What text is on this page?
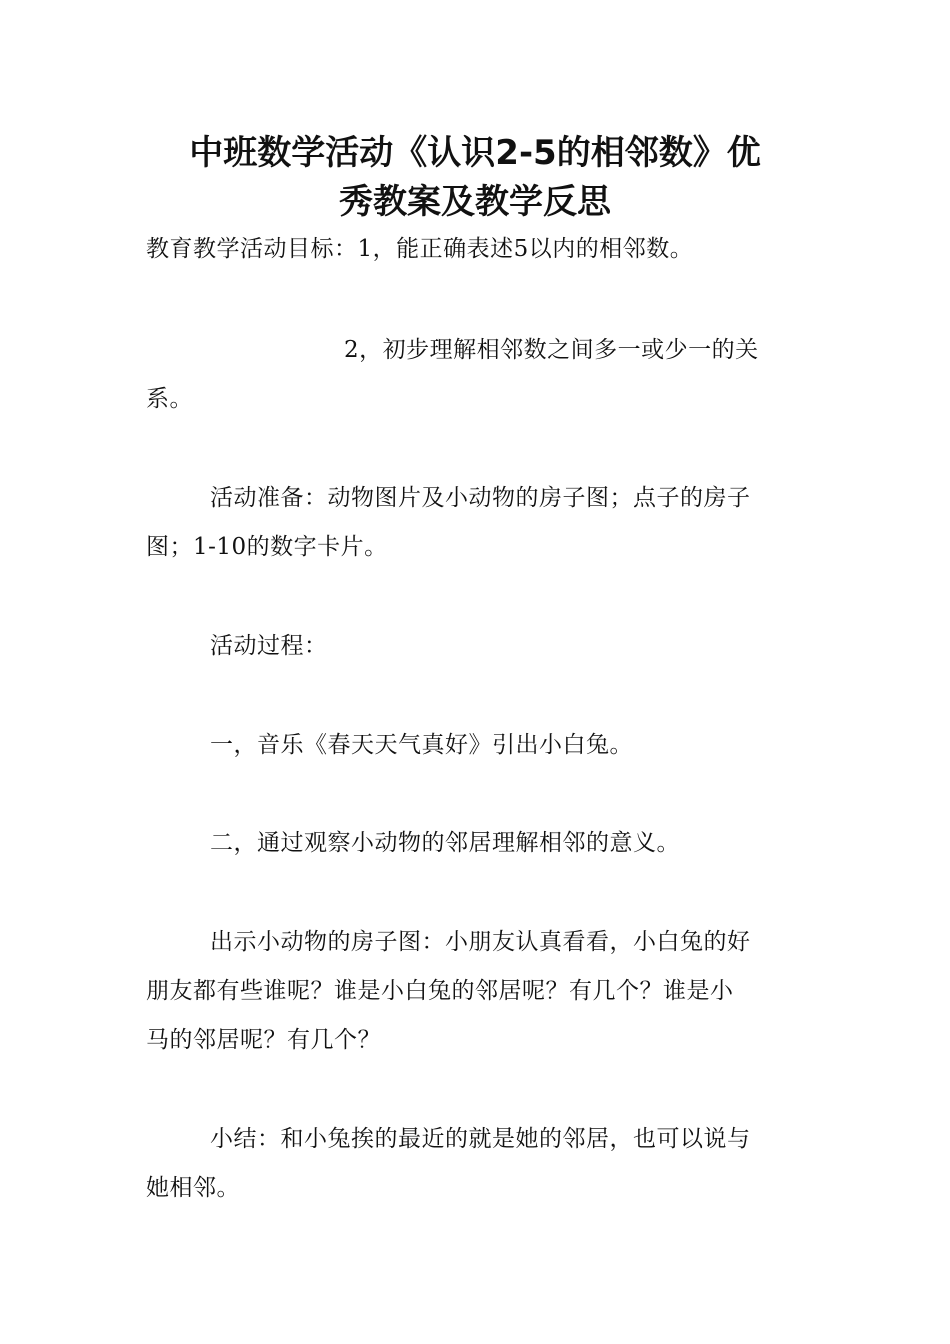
中班数学活动《认识2-5的相邻数》优
秀教案及教学反思
教育教学活动目标：1，能正确表述5以内的相邻数。
2，初步理解相邻数之间多一或少一的关
系。
活动准备：动物图片及小动物的房子图；点子的房子
图；1-10的数字卡片。
活动过程：
一，音乐《春天天气真好》引出小白兔。
二，通过观察小动物的邻居理解相邻的意义。
出示小动物的房子图：小朋友认真看看，小白兔的好
朋友都有些谁呢？谁是小白兔的邻居呢？有几个？谁是小
马的邻居呢？有几个？
小结：和小兔挨的最近的就是她的邻居，也可以说与
她相邻。
